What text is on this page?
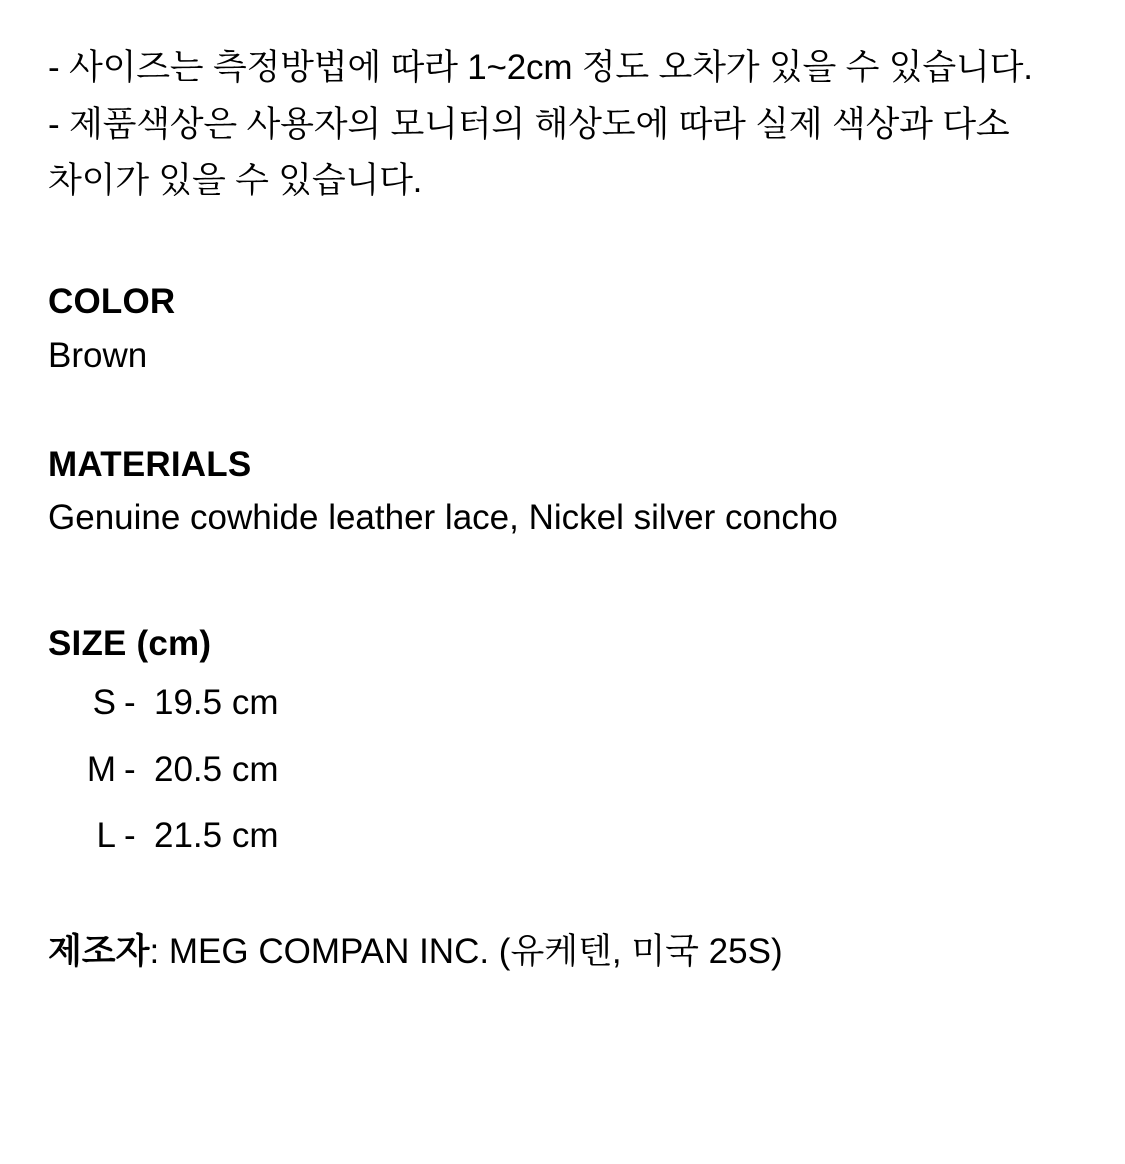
- 사이즈는 측정방법에 따라 1~2cm 정도 오차가 있을 수 있습니다.

- 제품색상은 사용자의 모니터의 해상도에 따라 실제 색상과 다소 차이가 있을 수 있습니다.

COLOR

Brown

MATERIALS

Genuine cowhide leather lace, Nickel silver concho

SIZE (cm)
S - 19.5 cm
M - 20.5 cm
L - 21.5 cm

제조자: MEG COMPAN INC. (유케텐, 미국 25S)
